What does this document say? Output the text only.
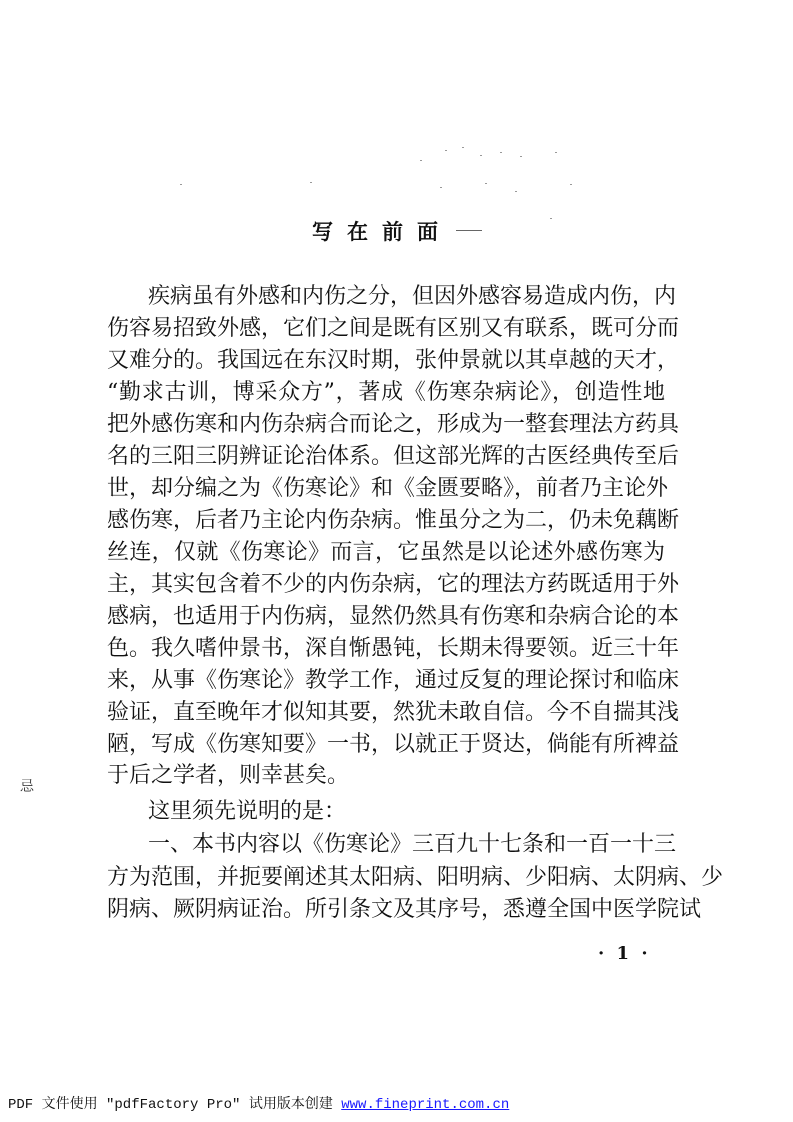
写在前面
疾病虽有外感和内伤之分，但因外感容易造成内伤，内
伤容易招致外感，它们之间是既有区别又有联系，既可分而
又难分的。我国远在东汉时期，张仲景就以其卓越的天才，
“勤求古训，博采众方”，著成《伤寒杂病论》，创造性地
把外感伤寒和内伤杂病合而论之，形成为一整套理法方药具
名的三阳三阴辨证论治体系。但这部光辉的古医经典传至后
世，却分编之为《伤寒论》和《金匮要略》，前者乃主论外
感伤寒，后者乃主论内伤杂病。惟虽分之为二，仍未免藕断
丝连，仅就《伤寒论》而言，它虽然是以论述外感伤寒为
主，其实包含着不少的内伤杂病，它的理法方药既适用于外
感病，也适用于内伤病，显然仍然具有伤寒和杂病合论的本
色。我久嗜仲景书，深自惭愚钝，长期未得要领。近三十年
来，从事《伤寒论》教学工作，通过反复的理论探讨和临床
验证，直至晚年才似知其要，然犹未敢自信。今不自揣其浅
陋，写成《伤寒知要》一书，以就正于贤达，倘能有所裨益
于后之学者，则幸甚矣。
这里须先说明的是：
一、本书内容以《伤寒论》三百九十七条和一百一十三
方为范围，并扼要阐述其太阳病、阳明病、少阳病、太阴病、少
阴病、厥阴病证治。所引条文及其序号，悉遵全国中医学院试
忌
· 1 ·
PDF 文件使用 "pdfFactory Pro" 试用版本创建 www.fineprint.com.cn
